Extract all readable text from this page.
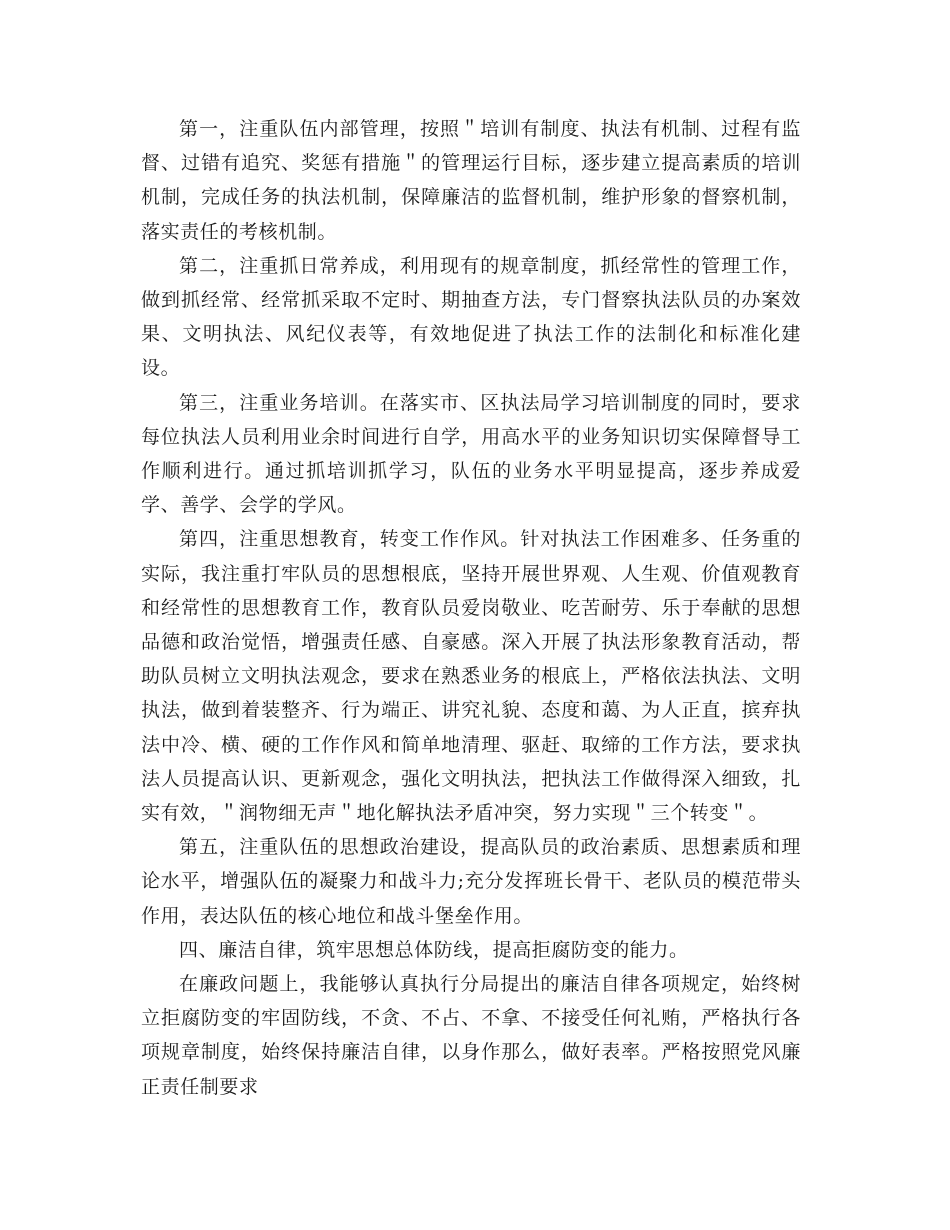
第一，注重队伍内部管理，按照＂培训有制度、执法有机制、过程有监督、过错有追究、奖惩有措施＂的管理运行目标，逐步建立提高素质的培训机制，完成任务的执法机制，保障廉洁的监督机制，维护形象的督察机制，落实责任的考核机制。

第二，注重抓日常养成，利用现有的规章制度，抓经常性的管理工作，做到抓经常、经常抓采取不定时、期抽查方法，专门督察执法队员的办案效果、文明执法、风纪仪表等，有效地促进了执法工作的法制化和标准化建设。

第三，注重业务培训。在落实市、区执法局学习培训制度的同时，要求每位执法人员利用业余时间进行自学，用高水平的业务知识切实保障督导工作顺利进行。通过抓培训抓学习，队伍的业务水平明显提高，逐步养成爱学、善学、会学的学风。

第四，注重思想教育，转变工作作风。针对执法工作困难多、任务重的实际，我注重打牢队员的思想根底，坚持开展世界观、人生观、价值观教育和经常性的思想教育工作，教育队员爱岗敬业、吃苦耐劳、乐于奉献的思想品德和政治觉悟，增强责任感、自豪感。深入开展了执法形象教育活动，帮助队员树立文明执法观念，要求在熟悉业务的根底上，严格依法执法、文明执法，做到着装整齐、行为端正、讲究礼貌、态度和蔼、为人正直，摈弃执法中冷、横、硬的工作作风和简单地清理、驱赶、取缔的工作方法，要求执法人员提高认识、更新观念，强化文明执法，把执法工作做得深入细致，扎实有效，＂润物细无声＂地化解执法矛盾冲突，努力实现＂三个转变＂。

第五，注重队伍的思想政治建设，提高队员的政治素质、思想素质和理论水平，增强队伍的凝聚力和战斗力;充分发挥班长骨干、老队员的模范带头作用，表达队伍的核心地位和战斗堡垒作用。

四、廉洁自律，筑牢思想总体防线，提高拒腐防变的能力。

在廉政问题上，我能够认真执行分局提出的廉洁自律各项规定，始终树立拒腐防变的牢固防线，不贪、不占、不拿、不接受任何礼贿，严格执行各项规章制度，始终保持廉洁自律，以身作那么，做好表率。严格按照党风廉正责任制要求
